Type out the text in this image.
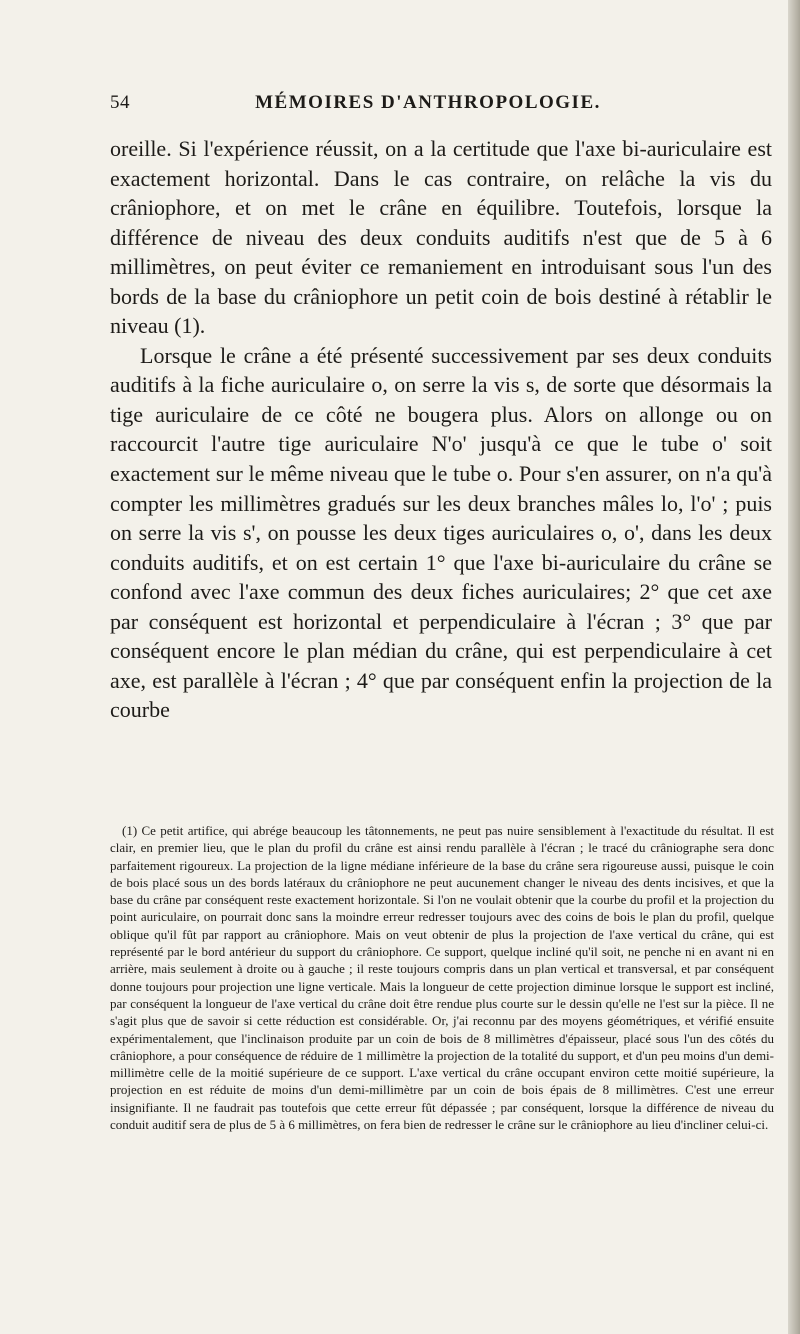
54	MÉMOIRES D'ANTHROPOLOGIE.

oreille. Si l'expérience réussit, on a la certitude que l'axe bi-auriculaire est exactement horizontal. Dans le cas contraire, on relâche la vis du crâniophore, et on met le crâne en équilibre. Toutefois, lorsque la différence de niveau des deux conduits auditifs n'est que de 5 à 6 millimètres, on peut éviter ce remaniement en introduisant sous l'un des bords de la base du crâniophore un petit coin de bois destiné à rétablir le niveau (1).

Lorsque le crâne a été présenté successivement par ses deux conduits auditifs à la fiche auriculaire o, on serre la vis s, de sorte que désormais la tige auriculaire de ce côté ne bougera plus. Alors on allonge ou on raccourcit l'autre tige auriculaire N'o' jusqu'à ce que le tube o' soit exactement sur le même niveau que le tube o. Pour s'en assurer, on n'a qu'à compter les millimètres gradués sur les deux branches mâles lo, l'o' ; puis on serre la vis s', on pousse les deux tiges auriculaires o, o', dans les deux conduits auditifs, et on est certain 1° que l'axe bi-auriculaire du crâne se confond avec l'axe commun des deux fiches auriculaires; 2° que cet axe par conséquent est horizontal et perpendiculaire à l'écran ; 3° que par conséquent encore le plan médian du crâne, qui est perpendiculaire à cet axe, est parallèle à l'écran ; 4° que par conséquent enfin la projection de la courbe

(1) Ce petit artifice, qui abrége beaucoup les tâtonnements, ne peut pas nuire sensiblement à l'exactitude du résultat. Il est clair, en premier lieu, que le plan du profil du crâne est ainsi rendu parallèle à l'écran ; le tracé du crâniographe sera donc parfaitement rigoureux. La projection de la ligne médiane inférieure de la base du crâne sera rigoureuse aussi, puisque le coin de bois placé sous un des bords latéraux du crâniophore ne peut aucunement changer le niveau des dents incisives, et que la base du crâne par conséquent reste exactement horizontale. Si l'on ne voulait obtenir que la courbe du profil et la projection du point auriculaire, on pourrait donc sans la moindre erreur redresser toujours avec des coins de bois le plan du profil, quelque oblique qu'il fût par rapport au crâniophore. Mais on veut obtenir de plus la projection de l'axe vertical du crâne, qui est représenté par le bord antérieur du support du crâniophore. Ce support, quelque incliné qu'il soit, ne penche ni en avant ni en arrière, mais seulement à droite ou à gauche ; il reste toujours compris dans un plan vertical et transversal, et par conséquent donne toujours pour projection une ligne verticale. Mais la longueur de cette projection diminue lorsque le support est incliné, par conséquent la longueur de l'axe vertical du crâne doit être rendue plus courte sur le dessin qu'elle ne l'est sur la pièce. Il ne s'agit plus que de savoir si cette réduction est considérable. Or, j'ai reconnu par des moyens géométriques, et vérifié ensuite expérimentalement, que l'inclinaison produite par un coin de bois de 8 millimètres d'épaisseur, placé sous l'un des côtés du crâniophore, a pour conséquence de réduire de 1 millimètre la projection de la totalité du support, et d'un peu moins d'un demi-millimètre celle de la moitié supérieure de ce support. L'axe vertical du crâne occupant environ cette moitié supérieure, la projection en est réduite de moins d'un demi-millimètre par un coin de bois épais de 8 millimètres. C'est une erreur insignifiante. Il ne faudrait pas toutefois que cette erreur fût dépassée ; par conséquent, lorsque la différence de niveau du conduit auditif sera de plus de 5 à 6 millimètres, on fera bien de redresser le crâne sur le crâniophore au lieu d'incliner celui-ci.
